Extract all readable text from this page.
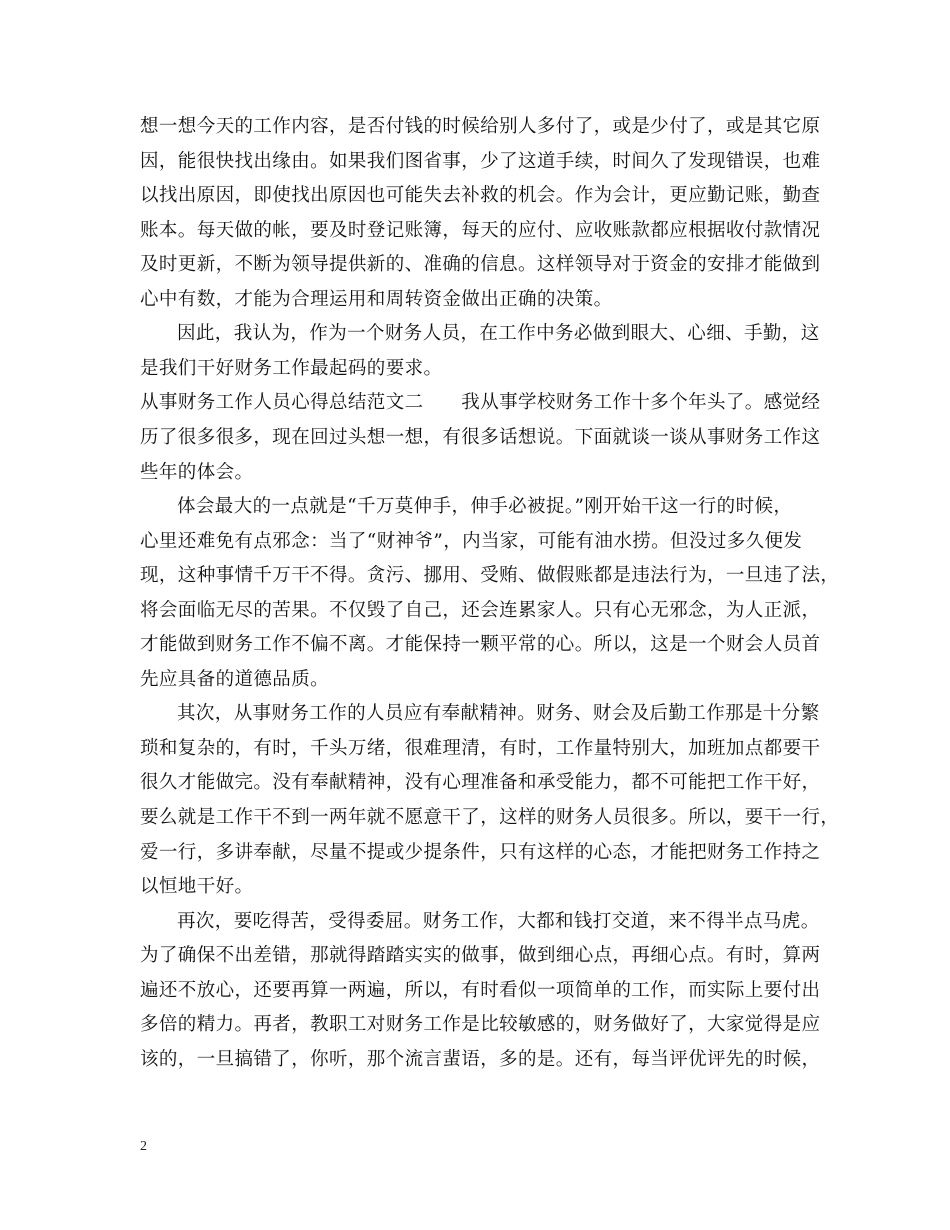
想一想今天的工作内容，是否付钱的时候给别人多付了，或是少付了，或是其它原
因，能很快找出缘由。如果我们图省事，少了这道手续，时间久了发现错误，也难
以找出原因，即使找出原因也可能失去补救的机会。作为会计，更应勤记账，勤查
账本。每天做的帐，要及时登记账簿，每天的应付、应收账款都应根据收付款情况
及时更新，不断为领导提供新的、准确的信息。这样领导对于资金的安排才能做到
心中有数，才能为合理运用和周转资金做出正确的决策。
因此，我认为，作为一个财务人员，在工作中务必做到眼大、心细、手勤，这
是我们干好财务工作最起码的要求。
从事财务工作人员心得总结范文二　　我从事学校财务工作十多个年头了。感觉经
历了很多很多，现在回过头想一想，有很多话想说。下面就谈一谈从事财务工作这
些年的体会。
体会最大的一点就是“千万莫伸手，伸手必被捉。”刚开始干这一行的时候，
心里还难免有点邪念：当了“财神爷”，内当家，可能有油水捞。但没过多久便发
现，这种事情千万干不得。贪污、挪用、受贿、做假账都是违法行为，一旦违了法，
将会面临无尽的苦果。不仅毁了自己，还会连累家人。只有心无邪念，为人正派，
才能做到财务工作不偏不离。才能保持一颗平常的心。所以，这是一个财会人员首
先应具备的道德品质。
其次，从事财务工作的人员应有奉献精神。财务、财会及后勤工作那是十分繁
琐和复杂的，有时，千头万绪，很难理清，有时，工作量特别大，加班加点都要干
很久才能做完。没有奉献精神，没有心理准备和承受能力，都不可能把工作干好，
要么就是工作干不到一两年就不愿意干了，这样的财务人员很多。所以，要干一行，
爱一行，多讲奉献，尽量不提或少提条件，只有这样的心态，才能把财务工作持之
以恒地干好。
再次，要吃得苦，受得委屈。财务工作，大都和钱打交道，来不得半点马虎。
为了确保不出差错，那就得踏踏实实的做事，做到细心点，再细心点。有时，算两
遍还不放心，还要再算一两遍，所以，有时看似一项简单的工作，而实际上要付出
多倍的精力。再者，教职工对财务工作是比较敏感的，财务做好了，大家觉得是应
该的，一旦搞错了，你听，那个流言蜚语，多的是。还有，每当评优评先的时候，
2
